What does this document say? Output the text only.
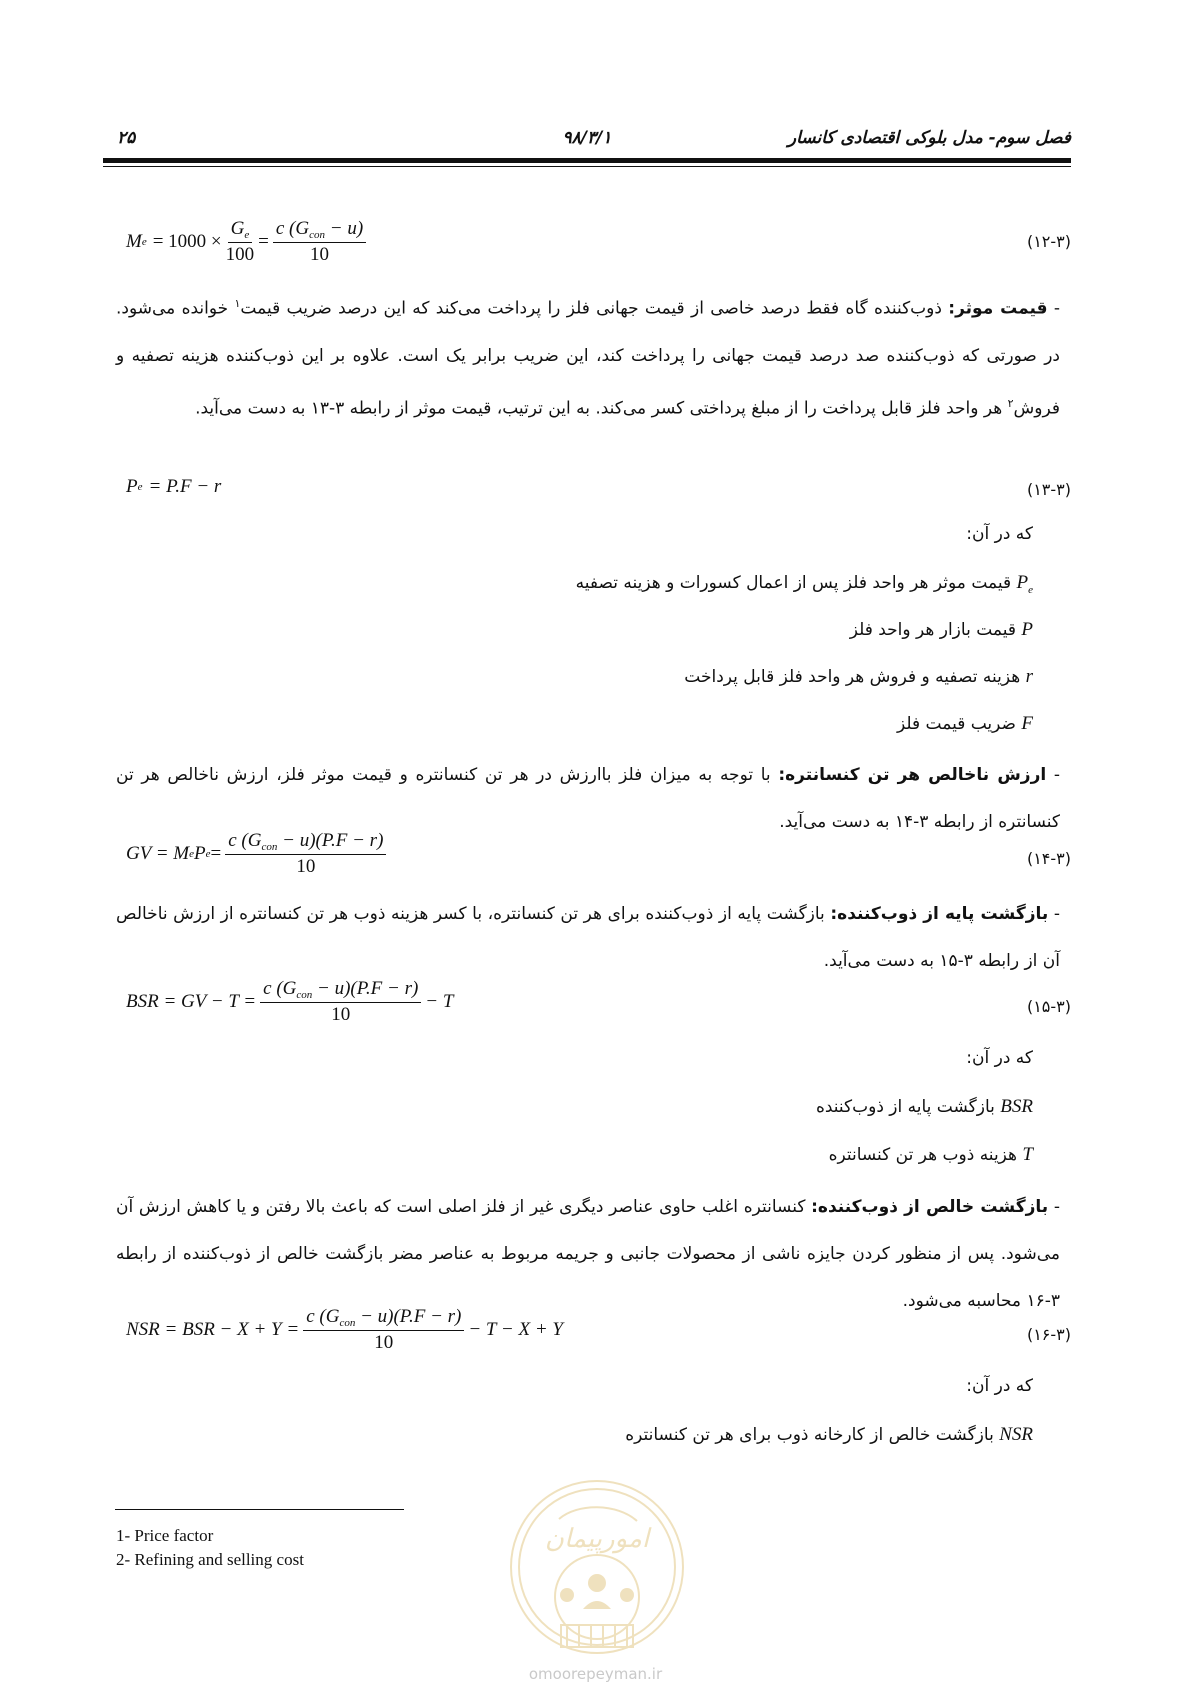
فصل سوم- مدل بلوکی اقتصادی کانسار
۹۸/۳/۱
۲۵
M $e = 1000 \times \frac{G_e}{100} = \frac{c (G_{con} - u)}{10}$	(۱۲-۳)
- قیمت موثر: ذوب‌کننده گاه فقط درصد خاصی از قیمت جهانی فلز را پرداخت می‌کند که این درصد ضریب قیمت$^۱$ خوانده می‌شود. در صورتی که ذوب‌کننده صد درصد قیمت جهانی را پرداخت کند، این ضریب برابر یک است. علاوه بر این ذوب‌کننده هزینه تصفیه و فروش$^۲$ هر واحد فلز قابل پرداخت را از مبلغ پرداختی کسر می‌کند. به این ترتیب، قیمت موثر از رابطه ۳-۱۳ به دست می‌آید.
P e = P.F − r	(۱۳-۳)
که در آن:
$P_e$ قیمت موثر هر واحد فلز پس از اعمال کسورات و هزینه تصفیه
P قیمت بازار هر واحد فلز
r هزینه تصفیه و فروش هر واحد فلز قابل پرداخت
F ضریب قیمت فلز
- ارزش ناخالص هر تن کنسانتره: با توجه به میزان فلز باارزش در هر تن کنسانتره و قیمت موثر فلز، ارزش ناخالص هر تن کنسانتره از رابطه ۳-۱۴ به دست می‌آید.
GV = M e P $e = \frac{c (G_{con} - u)(P.F - r)}{10}$	(۱۴-۳)
- بازگشت پایه از ذوب‌کننده: بازگشت پایه از ذوب‌کننده برای هر تن کنسانتره، با کسر هزینه ذوب هر تن کنسانتره از ارزش ناخالص آن از رابطه ۳-۱۵ به دست می‌آید.
BSR = GV − $T = \frac{c (G_{con} - u)(P.F - r)}{10} - T$	(۱۵-۳)
که در آن:
BSR بازگشت پایه از ذوب‌کننده
T هزینه ذوب هر تن کنسانتره
- بازگشت خالص از ذوب‌کننده: کنسانتره اغلب حاوی عناصر دیگری غیر از فلز اصلی است که باعث بالا رفتن و یا کاهش ارزش آن می‌شود. پس از منظور کردن جایزه ناشی از محصولات جانبی و جریمه مربوط به عناصر مضر بازگشت خالص از ذوب‌کننده از رابطه ۳-۱۶ محاسبه می‌شود.
NSR = BSR − $X + Y = \frac{c (G_{con} - u)(P.F - r)}{10} - T - X + Y$	(۱۶-۳)
که در آن:
NSR بازگشت خالص از کارخانه ذوب برای هر تن کنسانتره
1- Price factor
2- Refining and selling cost
امورپیمان
omoorepeyman.ir
